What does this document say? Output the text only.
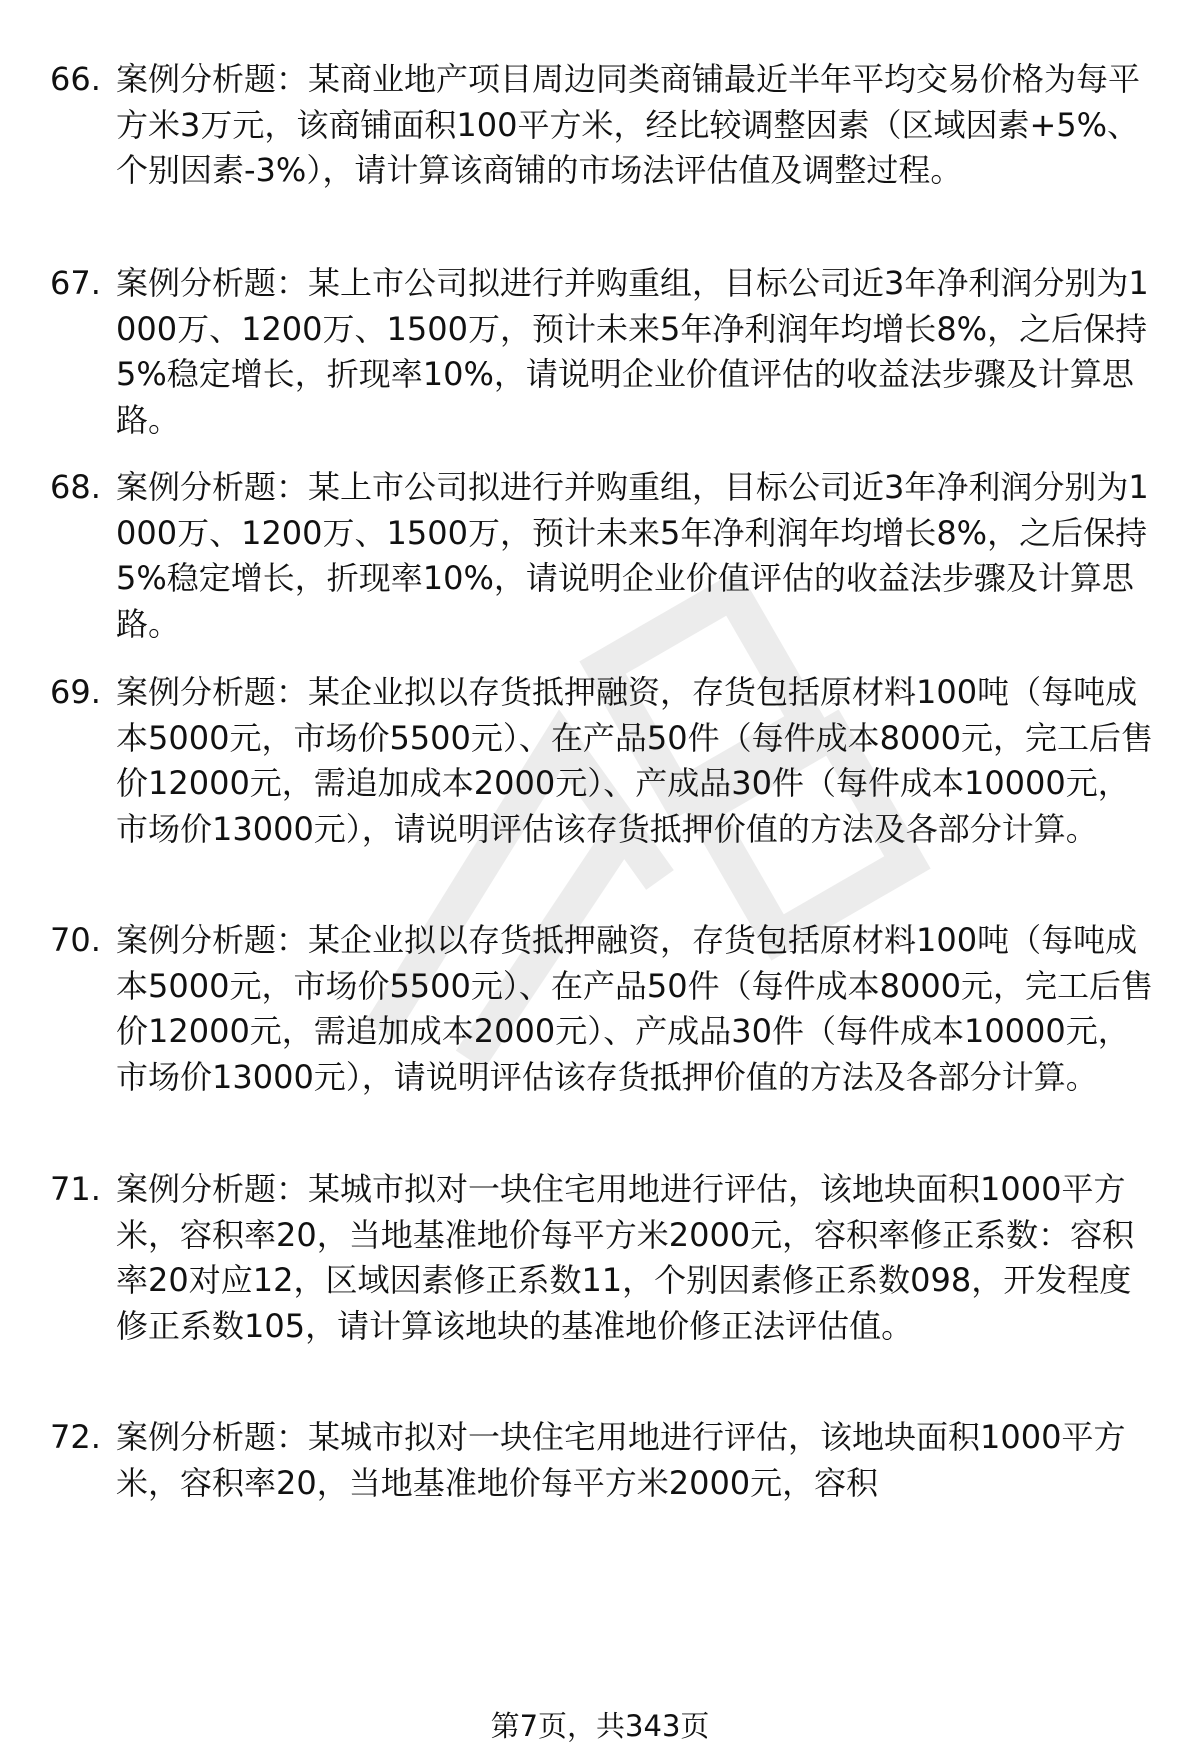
66. 案例分析题：某商业地产项目周边同类商铺最近半年平均交易价格为每平方米3万元，该商铺面积100平方米，经比较调整因素（区域因素+5%、个别因素-3%），请计算该商铺的市场法评估值及调整过程。
67. 案例分析题：某上市公司拟进行并购重组，目标公司近3年净利润分别为1000万、1200万、1500万，预计未来5年净利润年均增长8%，之后保持5%稳定增长，折现率10%，请说明企业价值评估的收益法步骤及计算思路。
68. 案例分析题：某上市公司拟进行并购重组，目标公司近3年净利润分别为1000万、1200万、1500万，预计未来5年净利润年均增长8%，之后保持5%稳定增长，折现率10%，请说明企业价值评估的收益法步骤及计算思路。
69. 案例分析题：某企业拟以存货抵押融资，存货包括原材料100吨（每吨成本5000元，市场价5500元）、在产品50件（每件成本8000元，完工后售价12000元，需追加成本2000元）、产成品30件（每件成本10000元，市场价13000元），请说明评估该存货抵押价值的方法及各部分计算。
70. 案例分析题：某企业拟以存货抵押融资，存货包括原材料100吨（每吨成本5000元，市场价5500元）、在产品50件（每件成本8000元，完工后售价12000元，需追加成本2000元）、产成品30件（每件成本10000元，市场价13000元），请说明评估该存货抵押价值的方法及各部分计算。
71. 案例分析题：某城市拟对一块住宅用地进行评估，该地块面积1000平方米，容积率20，当地基准地价每平方米2000元，容积率修正系数：容积率20对应12，区域因素修正系数11，个别因素修正系数098，开发程度修正系数105，请计算该地块的基准地价修正法评估值。
72. 案例分析题：某城市拟对一块住宅用地进行评估，该地块面积1000平方米，容积率20，当地基准地价每平方米2000元，容积
第7页，共343页
